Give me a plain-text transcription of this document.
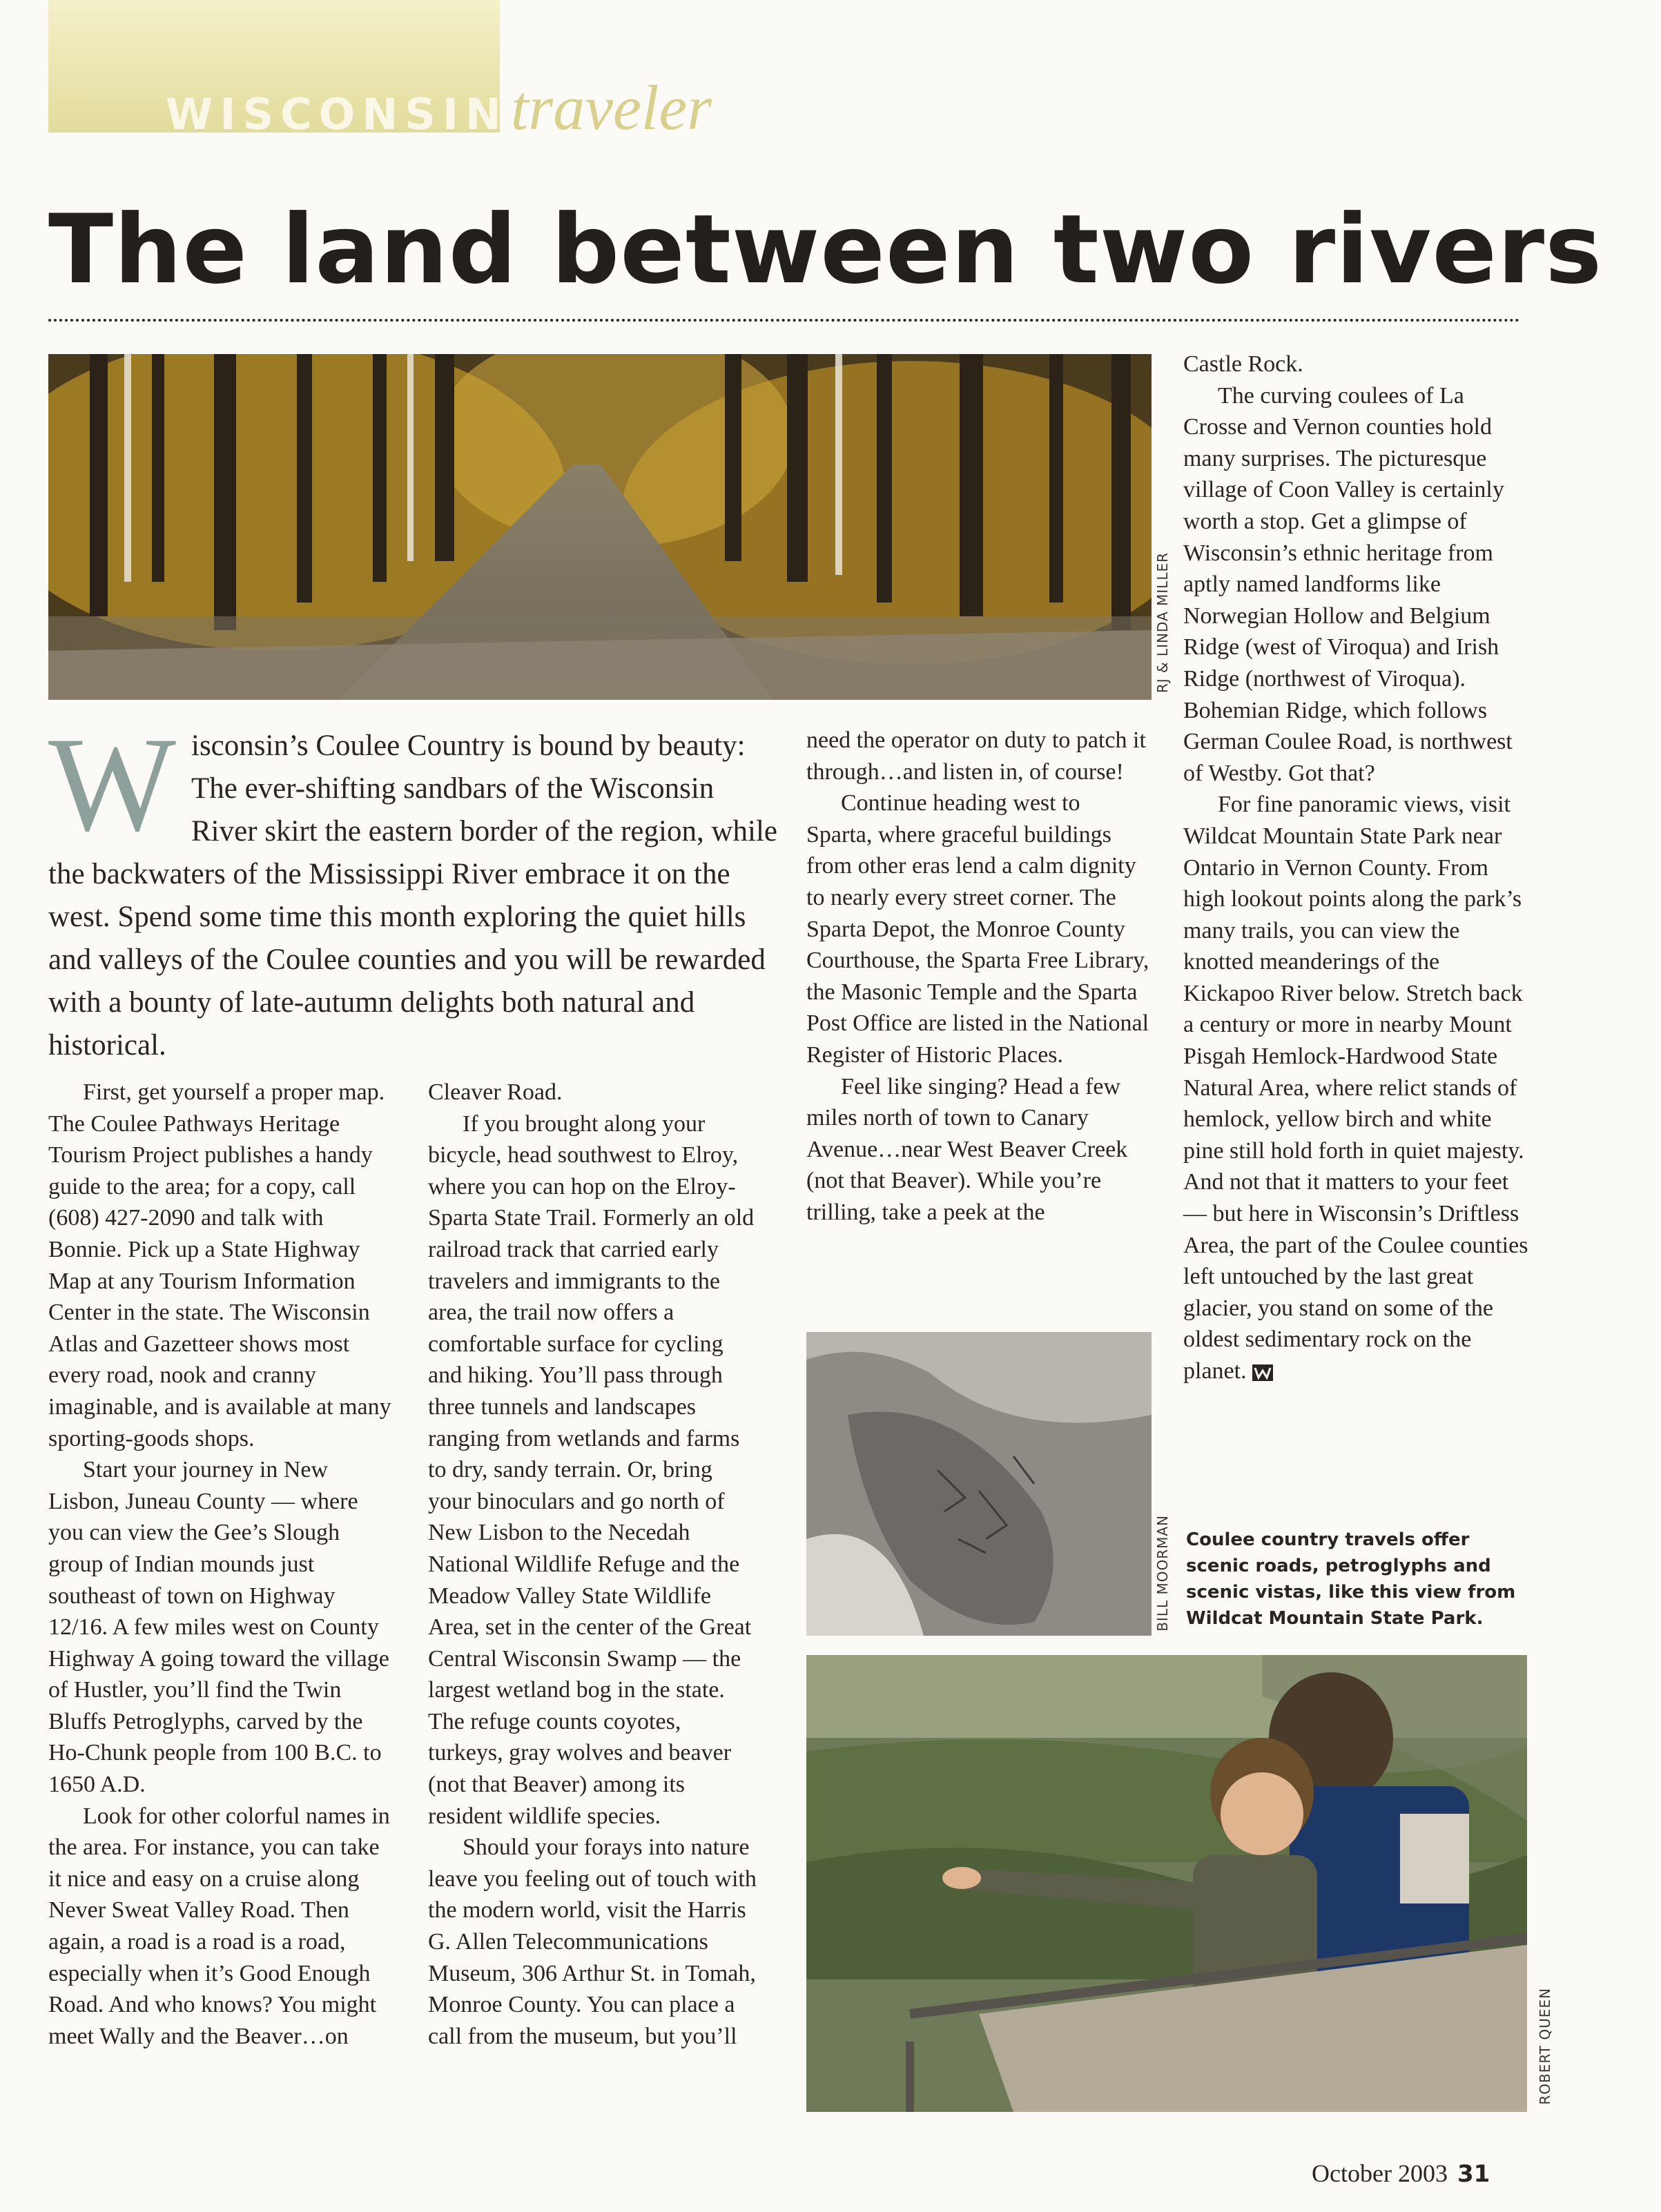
WISCONSINtraveler
The land between two rivers
RJ & LINDA MILLER

Wisconsin’s Coulee Country is bound by beauty: The ever-shifting sandbars of the Wisconsin River skirt the eastern border of the region, while the backwaters of the Mississippi River embrace it on the west. Spend some time this month exploring the quiet hills and valleys of the Coulee counties and you will be rewarded with a bounty of late-autumn delights both natural and historical.

First, get yourself a proper map. The Coulee Pathways Heritage Tourism Project publishes a handy guide to the area; for a copy, call (608) 427-2090 and talk with Bonnie. Pick up a State Highway Map at any Tourism Information Center in the state. The Wisconsin Atlas and Gazetteer shows most every road, nook and cranny imaginable, and is available at many sporting-goods shops.

Start your journey in New Lisbon, Juneau County — where you can view the Gee’s Slough group of Indian mounds just southeast of town on Highway 12/16. A few miles west on County Highway A going toward the village of Hustler, you’ll find the Twin Bluffs Petroglyphs, carved by the Ho-Chunk people from 100 B.C. to 1650 A.D.

Look for other colorful names in the area. For instance, you can take it nice and easy on a cruise along Never Sweat Valley Road. Then again, a road is a road is a road, especially when it’s Good Enough Road. And who knows? You might meet Wally and the Beaver…on

Cleaver Road.

If you brought along your bicycle, head southwest to Elroy, where you can hop on the Elroy-Sparta State Trail. Formerly an old railroad track that carried early travelers and immigrants to the area, the trail now offers a comfortable surface for cycling and hiking. You’ll pass through three tunnels and landscapes ranging from wetlands and farms to dry, sandy terrain. Or, bring your binoculars and go north of New Lisbon to the Necedah National Wildlife Refuge and the Meadow Valley State Wildlife Area, set in the center of the Great Central Wisconsin Swamp — the largest wetland bog in the state. The refuge counts coyotes, turkeys, gray wolves and beaver (not that Beaver) among its resident wildlife species.

Should your forays into nature leave you feeling out of touch with the modern world, visit the Harris G. Allen Telecommunications Museum, 306 Arthur St. in Tomah, Monroe County. You can place a call from the museum, but you’ll

need the operator on duty to patch it through…and listen in, of course!

Continue heading west to Sparta, where graceful buildings from other eras lend a calm dignity to nearly every street corner. The Sparta Depot, the Monroe County Courthouse, the Sparta Free Library, the Masonic Temple and the Sparta Post Office are listed in the National Register of Historic Places.

Feel like singing? Head a few miles north of town to Canary Avenue…near West Beaver Creek (not that Beaver). While you’re trilling, take a peek at the

BILL MOORMAN

Castle Rock.

The curving coulees of La Crosse and Vernon counties hold many surprises. The picturesque village of Coon Valley is certainly worth a stop. Get a glimpse of Wisconsin’s ethnic heritage from aptly named landforms like Norwegian Hollow and Belgium Ridge (west of Viroqua) and Irish Ridge (northwest of Viroqua). Bohemian Ridge, which follows German Coulee Road, is northwest of Westby. Got that?

For fine panoramic views, visit Wildcat Mountain State Park near Ontario in Vernon County. From high lookout points along the park’s many trails, you can view the knotted meanderings of the Kickapoo River below. Stretch back a century or more in nearby Mount Pisgah Hemlock-Hardwood State Natural Area, where relict stands of hemlock, yellow birch and white pine still hold forth in quiet majesty. And not that it matters to your feet — but here in Wisconsin’s Driftless Area, the part of the Coulee counties left untouched by the last great glacier, you stand on some of the oldest sedimentary rock on the planet.

Coulee country travels offer scenic roads, petroglyphs and scenic vistas, like this view from Wildcat Mountain State Park.

ROBERT QUEEN
October 2003 31
